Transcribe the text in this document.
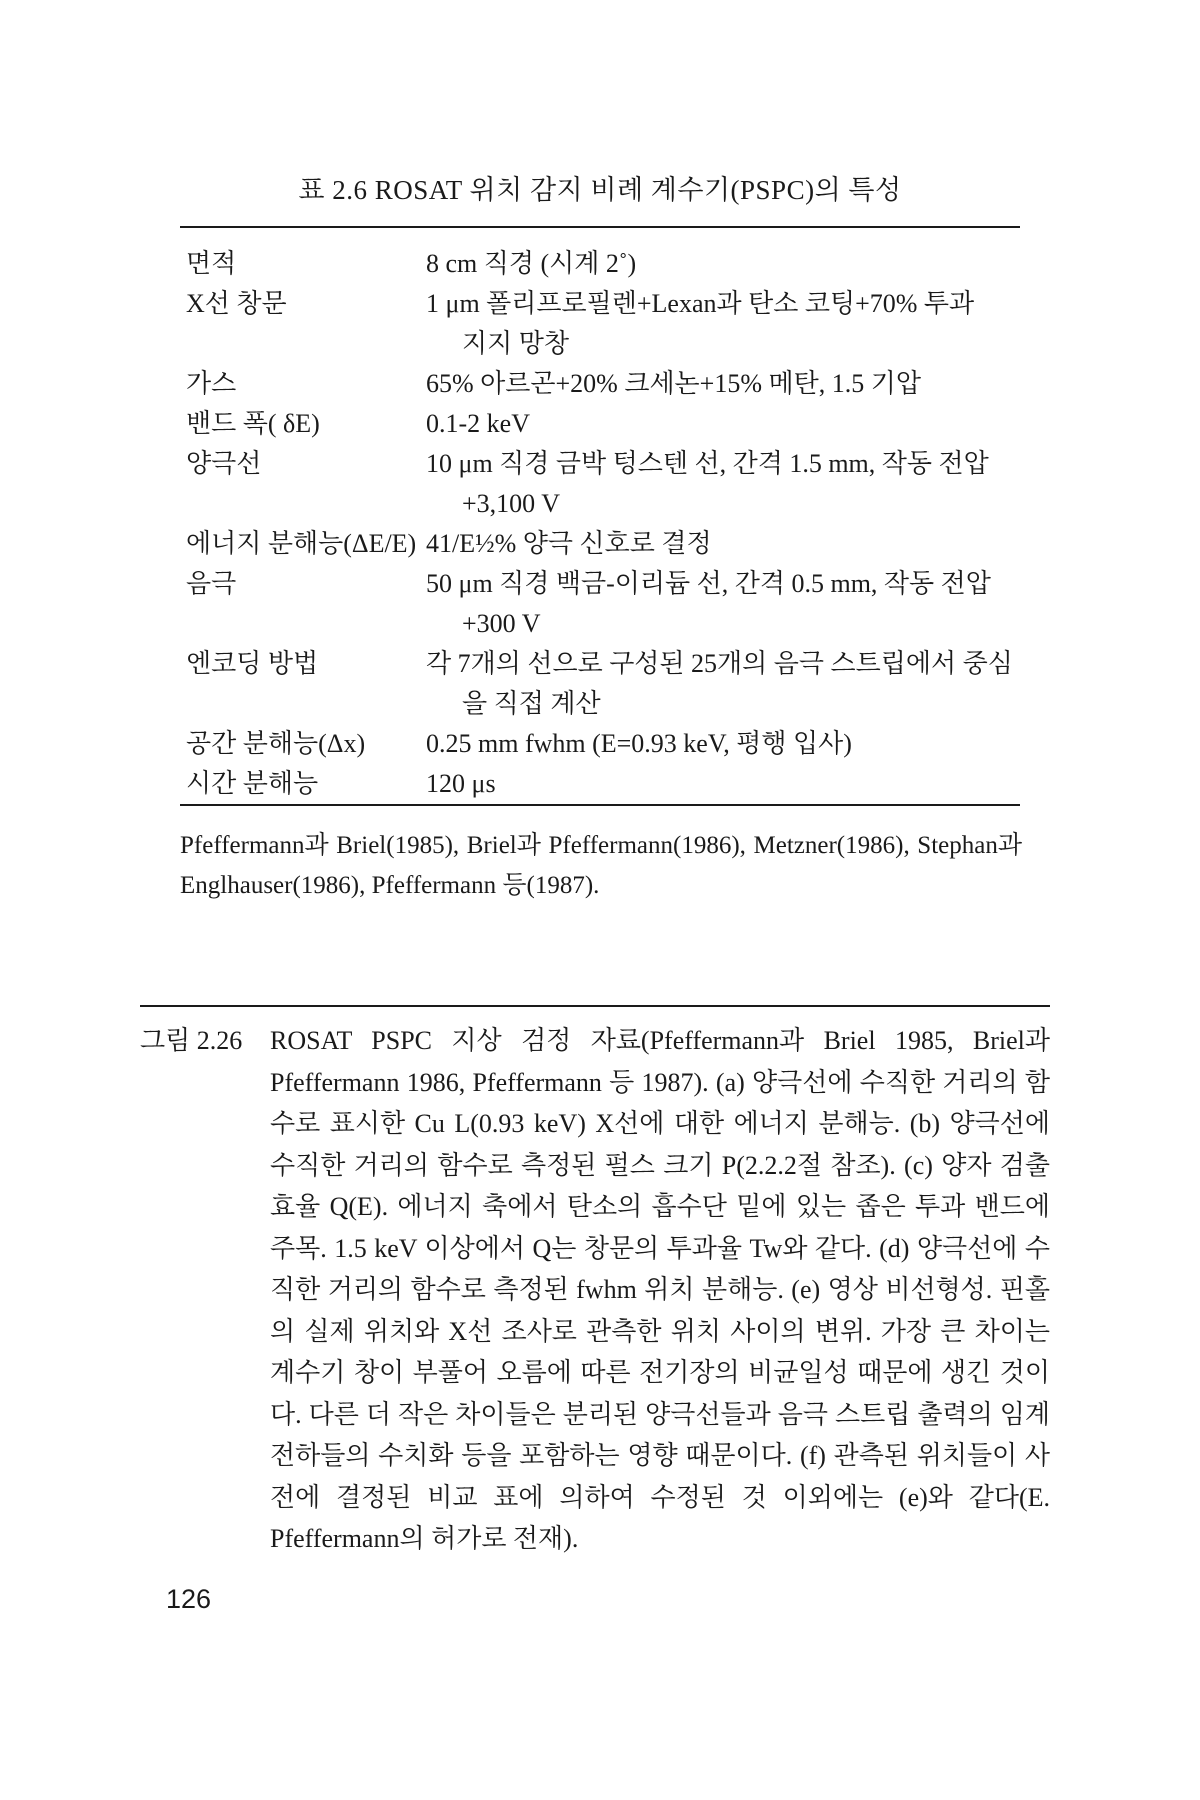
표 2.6 ROSAT 위치 감지 비례 계수기(PSPC)의 특성
면적	8 cm 직경 (시계 2˚)
X선 창문	1 μm 폴리프로필렌+Lexan과 탄소 코팅+70% 투과
지지 망창
가스	65% 아르곤+20% 크세논+15% 메탄, 1.5 기압
밴드 폭( δE)	0.1-2 keV
양극선	10 μm 직경 금박 텅스텐 선, 간격 1.5 mm, 작동 전압
+3,100 V
에너지 분해능(ΔE/E) 41/E½% 양극 신호로 결정
음극	50 μm 직경 백금-이리듐 선, 간격 0.5 mm, 작동 전압
+300 V
엔코딩 방법	각 7개의 선으로 구성된 25개의 음극 스트립에서 중심
을 직접 계산
공간 분해능(Δx)	0.25 mm fwhm (E=0.93 keV, 평행 입사)
시간 분해능	120 μs
Pfeffermann과 Briel(1985), Briel과 Pfeffermann(1986), Metzner(1986), Stephan과 Englhauser(1986), Pfeffermann 등(1987).
그림 2.26	ROSAT PSPC 지상 검정 자료(Pfeffermann과 Briel 1985, Briel과
Pfeffermann 1986, Pfeffermann 등 1987). (a) 양극선에 수직한 거리의 함수로 표시한 Cu L(0.93 keV) X선에 대한 에너지 분해능. (b) 양극선에 수직한 거리의 함수로 측정된 펄스 크기 P(2.2.2절 참조). (c) 양자 검출 효율 Q(E). 에너지 축에서 탄소의 흡수단 밑에 있는 좁은 투과 밴드에 주목. 1.5 keV 이상에서 Q는 창문의 투과율 Tw와 같다. (d) 양극선에 수직한 거리의 함수로 측정된 fwhm 위치 분해능. (e) 영상 비선형성. 핀홀의 실제 위치와 X선 조사로 관측한 위치 사이의 변위. 가장 큰 차이는 계수기 창이 부풀어 오름에 따른 전기장의 비균일성 때문에 생긴 것이다. 다른 더 작은 차이들은 분리된 양극선들과 음극 스트립 출력의 임계 전하들의 수치화 등을 포함하는 영향 때문이다. (f) 관측된 위치들이 사전에 결정된 비교 표에 의하여 수정된 것 이외에는 (e)와 같다(E. Pfeffermann의 허가로 전재).
126
